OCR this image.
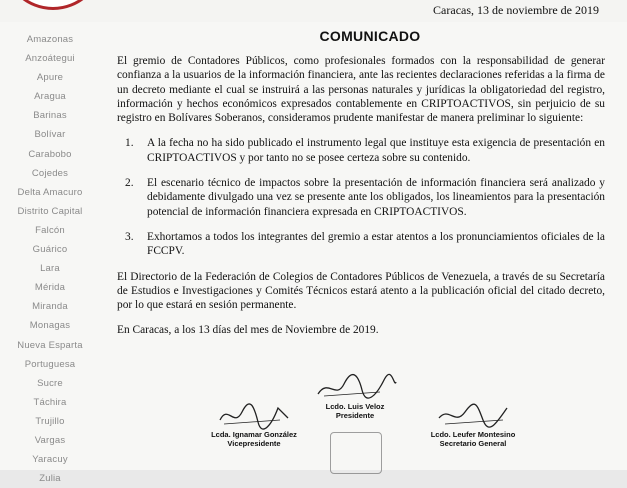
Caracas, 13 de noviembre de 2019
Amazonas
Anzoátegui
Apure
Aragua
Barinas
Bolívar
Carabobo
Cojedes
Delta Amacuro
Distrito Capital
Falcón
Guárico
Lara
Mérida
Miranda
Monagas
Nueva Esparta
Portuguesa
Sucre
Táchira
Trujillo
Vargas
Yaracuy
Zulia
COMUNICADO

El gremio de Contadores Públicos, como profesionales formados con la responsabilidad de generar confianza a la usuarios de la información financiera, ante las recientes declaraciones referidas a la firma de un decreto mediante el cual se instruirá a las personas naturales y jurídicas la obligatoriedad del registro, información y hechos económicos expresados contablemente en CRIPTOACTIVOS, sin perjuicio de su registro en Bolívares Soberanos, consideramos prudente manifestar de manera preliminar lo siguiente:

1.	A la fecha no ha sido publicado el instrumento legal que instituye esta exigencia de presentación en CRIPTOACTIVOS y por tanto no se posee certeza sobre su contenido.
2.	El escenario técnico de impactos sobre la presentación de información financiera será analizado y debidamente divulgado una vez se presente ante los obligados, los lineamientos para la presentación potencial de información financiera expresada en CRIPTOACTIVOS.
3.	Exhortamos a todos los integrantes del gremio a estar atentos a los pronunciamientos oficiales de la FCCPV.

El Directorio de la Federación de Colegios de Contadores Públicos de Venezuela, a través de su Secretaría de Estudios e Investigaciones y Comités Técnicos estará atento a la publicación oficial del citado decreto, por lo que estará en sesión permanente.

En Caracas, a los 13 días del mes de Noviembre de 2019.

Lcdo. Luis Veloz
Presidente
Lcda. Ignamar González
Vicepresidente
Lcdo. Leufer Montesino
Secretario General
